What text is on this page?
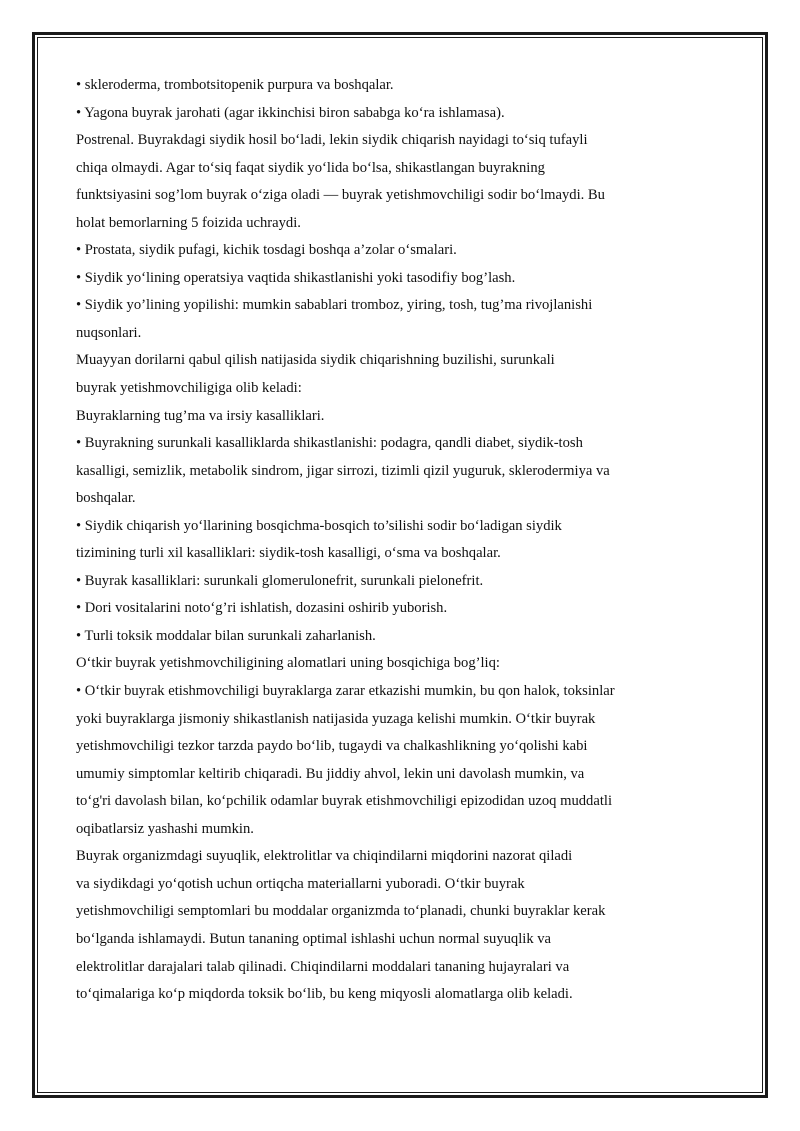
• skleroderma, trombotsitopenik purpura va boshqalar.

• Yagona buyrak jarohati (agar ikkinchisi biron sababga ko‘ra ishlamasa).

Postrenal. Buyrakdagi siydik hosil bo‘ladi, lekin siydik chiqarish nayidagi to‘siq tufayli

chiqa olmaydi. Agar to‘siq faqat siydik yo‘lida bo‘lsa, shikastlangan buyrakning

funktsiyasini sog’lom buyrak o‘ziga oladi — buyrak yetishmovchiligi sodir bo‘lmaydi. Bu

holat bemorlarning 5 foizida uchraydi.

• Prostata, siydik pufagi, kichik tosdagi boshqa a’zolar o‘smalari.

• Siydik yo‘lining operatsiya vaqtida shikastlanishi yoki tasodifiy bog’lash.

• Siydik yo’lining yopilishi: mumkin sabablari tromboz, yiring, tosh, tug’ma rivojlanishi

nuqsonlari.

Muayyan dorilarni qabul qilish natijasida siydik chiqarishning buzilishi, surunkali

buyrak yetishmovchiligiga olib keladi:

Buyraklarning tug’ma va irsiy kasalliklari.

• Buyrakning surunkali kasalliklarda shikastlanishi: podagra, qandli diabet, siydik-tosh

kasalligi, semizlik, metabolik sindrom, jigar sirrozi, tizimli qizil yuguruk, sklerodermiya va

boshqalar.

• Siydik chiqarish yo‘llarining bosqichma-bosqich to’silishi sodir bo‘ladigan siydik

tizimining turli xil kasalliklari: siydik-tosh kasalligi, o‘sma va boshqalar.

• Buyrak kasalliklari: surunkali glomerulonefrit, surunkali pielonefrit.

• Dori vositalarini noto‘g’ri ishlatish, dozasini oshirib yuborish.

• Turli toksik moddalar bilan surunkali zaharlanish.

O‘tkir buyrak yetishmovchiligining alomatlari uning bosqichiga bog’liq:

• O‘tkir buyrak etishmovchiligi buyraklarga zarar etkazishi mumkin, bu qon halok, toksinlar

yoki buyraklarga jismoniy shikastlanish natijasida yuzaga kelishi mumkin. O‘tkir buyrak

yetishmovchiligi tezkor tarzda paydo bo‘lib, tugaydi va chalkashlikning yo‘qolishi kabi

umumiy simptomlar keltirib chiqaradi. Bu jiddiy ahvol, lekin uni davolash mumkin, va

to‘g'ri davolash bilan, ko‘pchilik odamlar buyrak etishmovchiligi epizodidan uzoq muddatli

oqibatlarsiz yashashi mumkin.

Buyrak organizmdagi suyuqlik, elektrolitlar va chiqindilarni miqdorini nazorat qiladi

va siydikdagi yo‘qotish uchun ortiqcha materiallarni yuboradi. O‘tkir buyrak

yetishmovchiligi semptomlari bu moddalar organizmda to‘planadi, chunki buyraklar kerak

bo‘lganda ishlamaydi. Butun tananing optimal ishlashi uchun normal suyuqlik va

elektrolitlar darajalari talab qilinadi. Chiqindilarni moddalari tananing hujayralari va

to‘qimalariga ko‘p miqdorda toksik bo‘lib, bu keng miqyosli alomatlarga olib keladi.
